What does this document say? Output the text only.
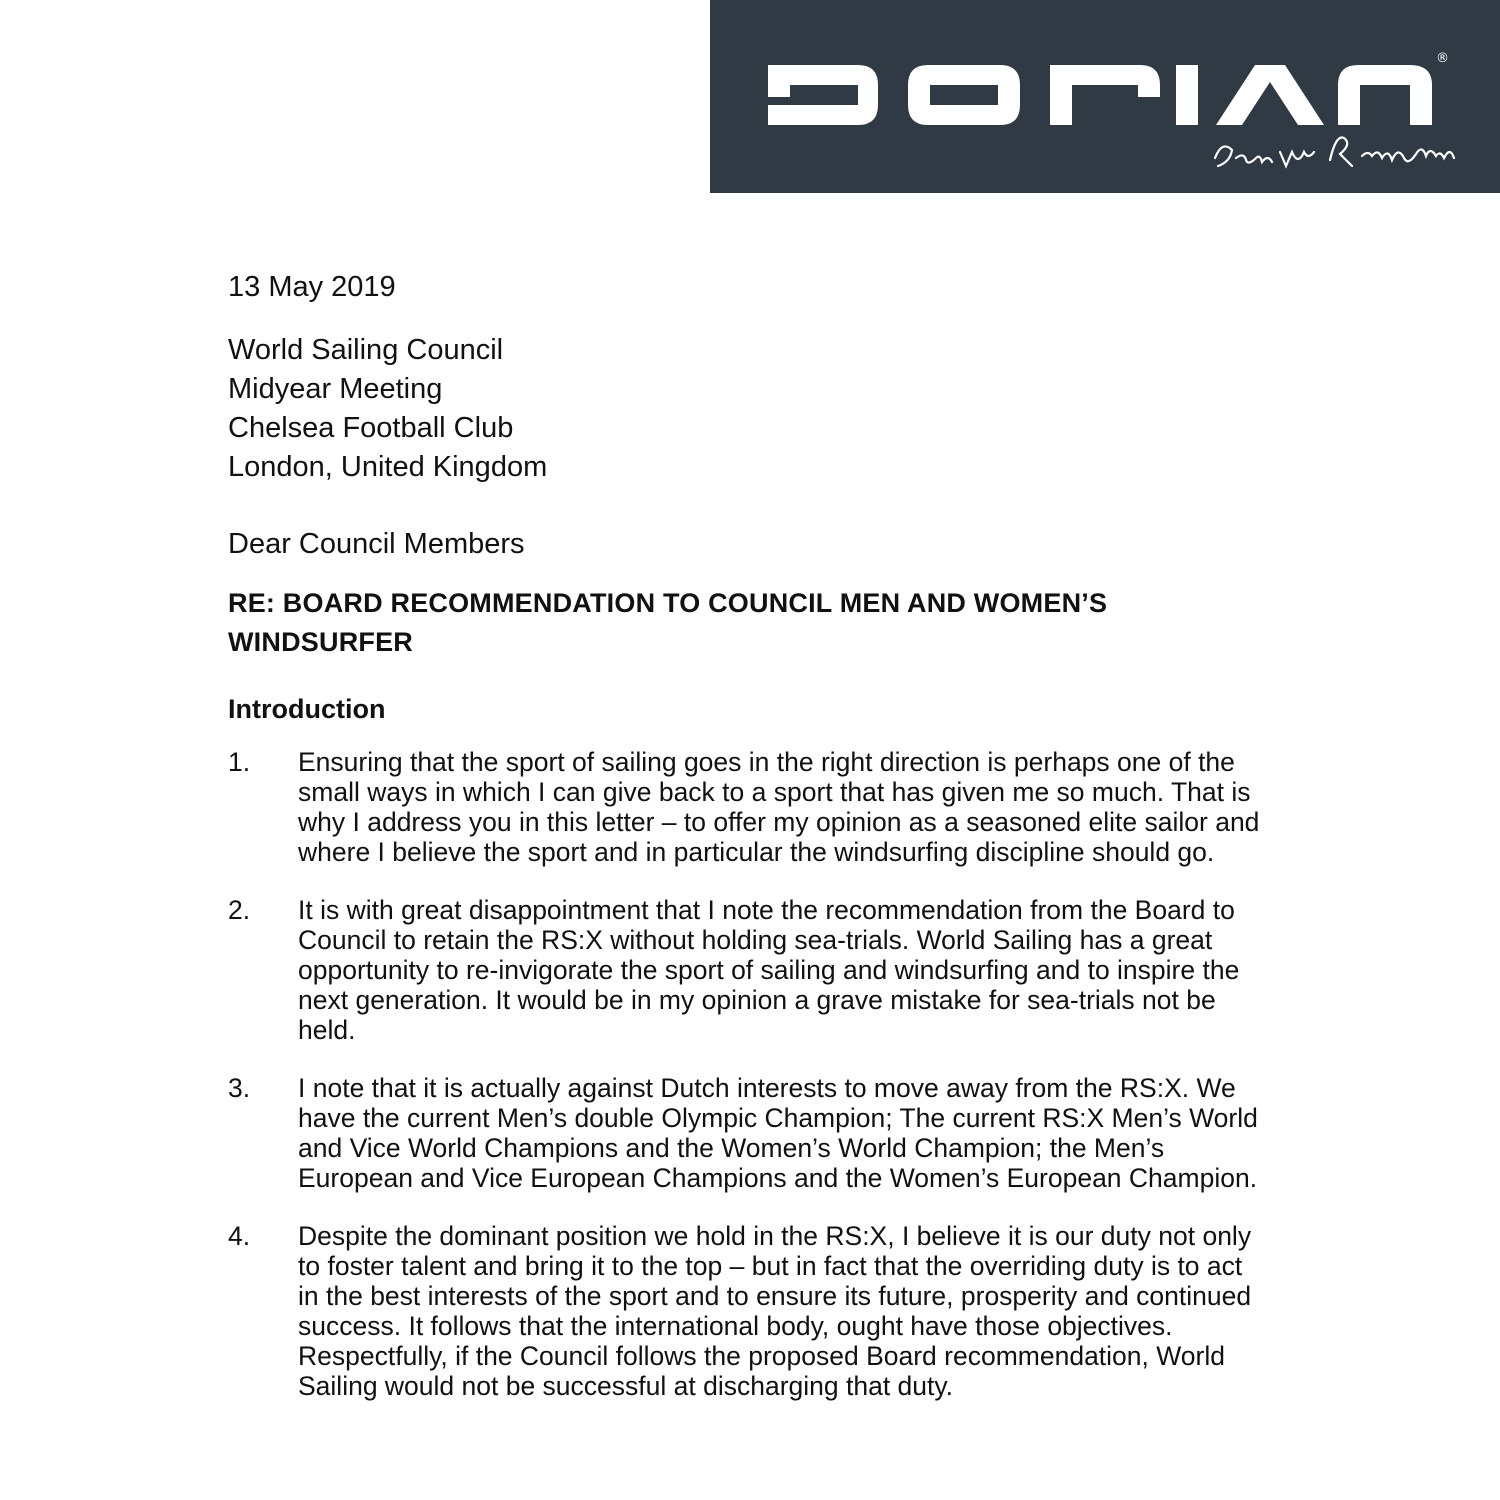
®

13 May 2019

World Sailing Council

Midyear Meeting

Chelsea Football Club

London, United Kingdom

Dear Council Members

RE: BOARD RECOMMENDATION TO COUNCIL MEN AND WOMEN’S
WINDSURFER
Introduction
1.	Ensuring that the sport of sailing goes in the right direction is perhaps one of the small ways in which I can give back to a sport that has given me so much. That is why I address you in this letter – to offer my opinion as a seasoned elite sailor and where I believe the sport and in particular the windsurfing discipline should go.
2.	It is with great disappointment that I note the recommendation from the Board to Council to retain the RS:X without holding sea-trials. World Sailing has a great opportunity to re-invigorate the sport of sailing and windsurfing and to inspire the next generation. It would be in my opinion a grave mistake for sea-trials not be held.
3.	I note that it is actually against Dutch interests to move away from the RS:X. We have the current Men’s double Olympic Champion; The current RS:X Men’s World and Vice World Champions and the Women’s World Champion; the Men’s European and Vice European Champions and the Women’s European Champion.
4.	Despite the dominant position we hold in the RS:X, I believe it is our duty not only to foster talent and bring it to the top – but in fact that the overriding duty is to act in the best interests of the sport and to ensure its future, prosperity and continued success. It follows that the international body, ought have those objectives. Respectfully, if the Council follows the proposed Board recommendation, World Sailing would not be successful at discharging that duty.
